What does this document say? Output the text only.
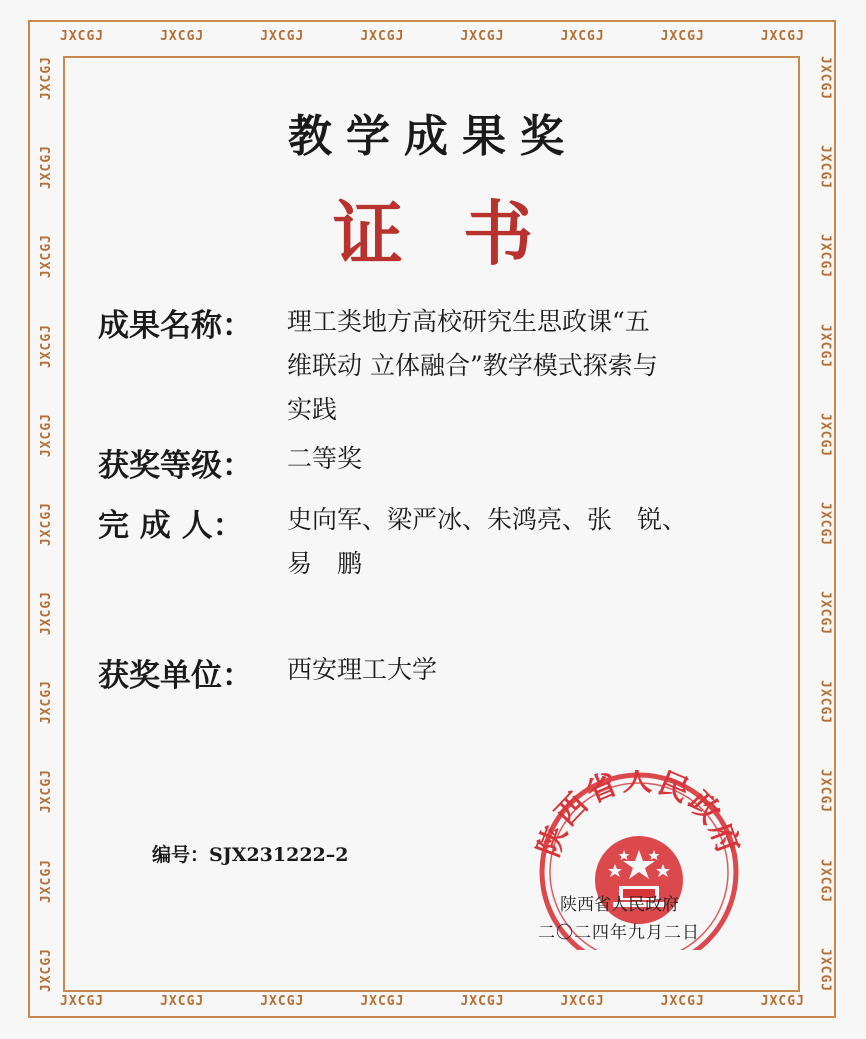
JXCGJ	JXCGJ	JXCGJ	JXCGJ	JXCGJ	JXCGJ	JXCGJ	JXCGJ
JXCGJ	JXCGJ	JXCGJ	JXCGJ	JXCGJ	JXCGJ	JXCGJ	JXCGJ
JXCGJ
JXCGJ
JXCGJ
JXCGJ
JXCGJ
JXCGJ
JXCGJ
JXCGJ
JXCGJ
JXCGJ
JXCGJ
JXCGJ
JXCGJ
JXCGJ
JXCGJ
JXCGJ
JXCGJ
JXCGJ
JXCGJ
JXCGJ
JXCGJ
JXCGJ
教学成果奖
证书
成果名称： 理工类地方高校研究生思政课“五
维联动 立体融合”教学模式探索与
实践
获奖等级： 二等奖
完 成 人： 史向军、梁严冰、朱鸿亮、张　锐、
易　鹏
获奖单位： 西安理工大学
编号：SJX231222–2	陕西省人民政府
陕西省人民政府
二〇二四年九月二日
